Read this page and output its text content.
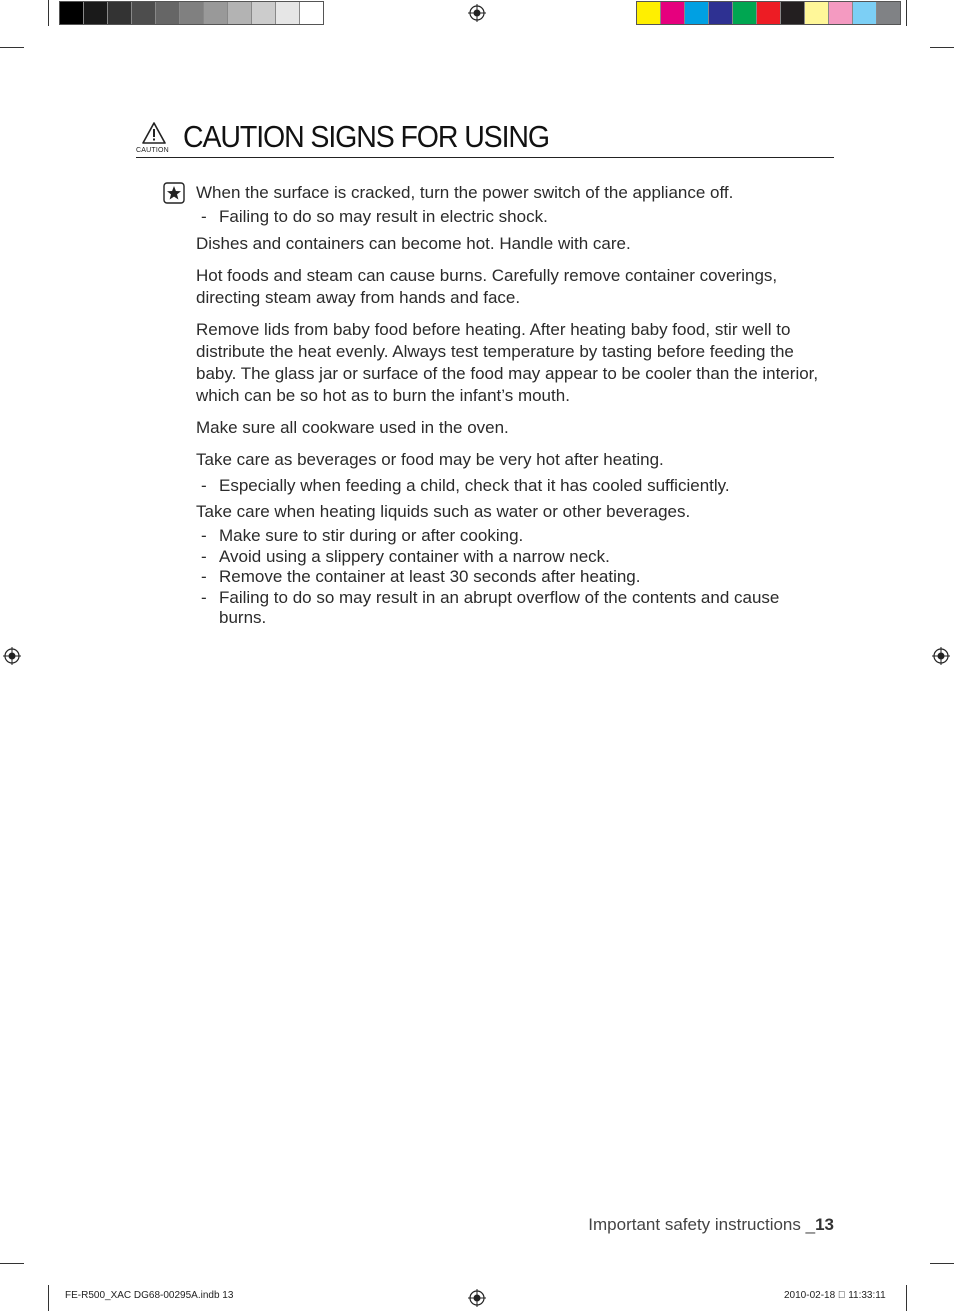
CAUTION CAUTION SIGNS FOR USING

When the surface is cracked, turn the power switch of the appliance off.

- Failing to do so may result in electric shock.

Dishes and containers can become hot. Handle with care.

Hot foods and steam can cause burns. Carefully remove container coverings, directing steam away from hands and face.

Remove lids from baby food before heating. After heating baby food, stir well to distribute the heat evenly. Always test temperature by tasting before feeding the baby. The glass jar or surface of the food may appear to be cooler than the interior, which can be so hot as to burn the infant’s mouth.

Make sure all cookware used in the oven.

Take care as beverages or food may be very hot after heating.

- Especially when feeding a child, check that it has cooled sufficiently.

Take care when heating liquids such as water or other beverages.

- Make sure to stir during or after cooking.
- Avoid using a slippery container with a narrow neck.
- Remove the container at least 30 seconds after heating.
- Failing to do so may result in an abrupt overflow of the contents and cause burns.
Important safety instructions _13
FE-R500_XAC DG68-00295A.indb 13	2010-02-18 ￿ 11:33:11
